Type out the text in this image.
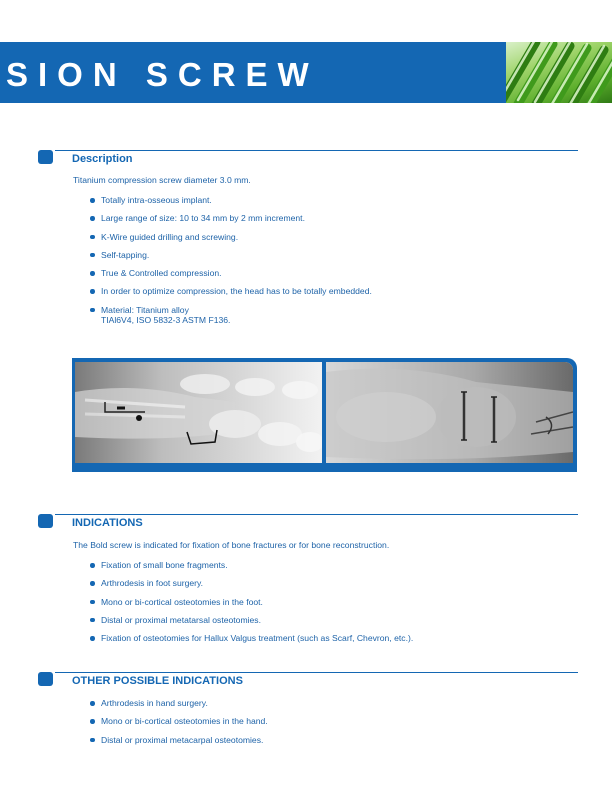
SION SCREW
Description
Titanium compression screw diameter 3.0 mm.
Totally intra-osseous implant.
Large range of size: 10 to 34 mm by 2 mm increment.
K-Wire guided drilling and screwing.
Self-tapping.
True & Controlled compression.
In order to optimize compression, the head has to be totally embedded.
Material: Titanium alloy
TIAl6V4, ISO 5832-3 ASTM F136.
INDICATIONS
The Bold screw is indicated for fixation of bone fractures or for bone reconstruction.
Fixation of small bone fragments.
Arthrodesis in foot surgery.
Mono or bi-cortical osteotomies in the foot.
Distal or proximal metatarsal osteotomies.
Fixation of osteotomies for Hallux Valgus treatment (such as Scarf, Chevron, etc.).
OTHER POSSIBLE INDICATIONS
Arthrodesis in hand surgery.
Mono or bi-cortical osteotomies in the hand.
Distal or proximal metacarpal osteotomies.
